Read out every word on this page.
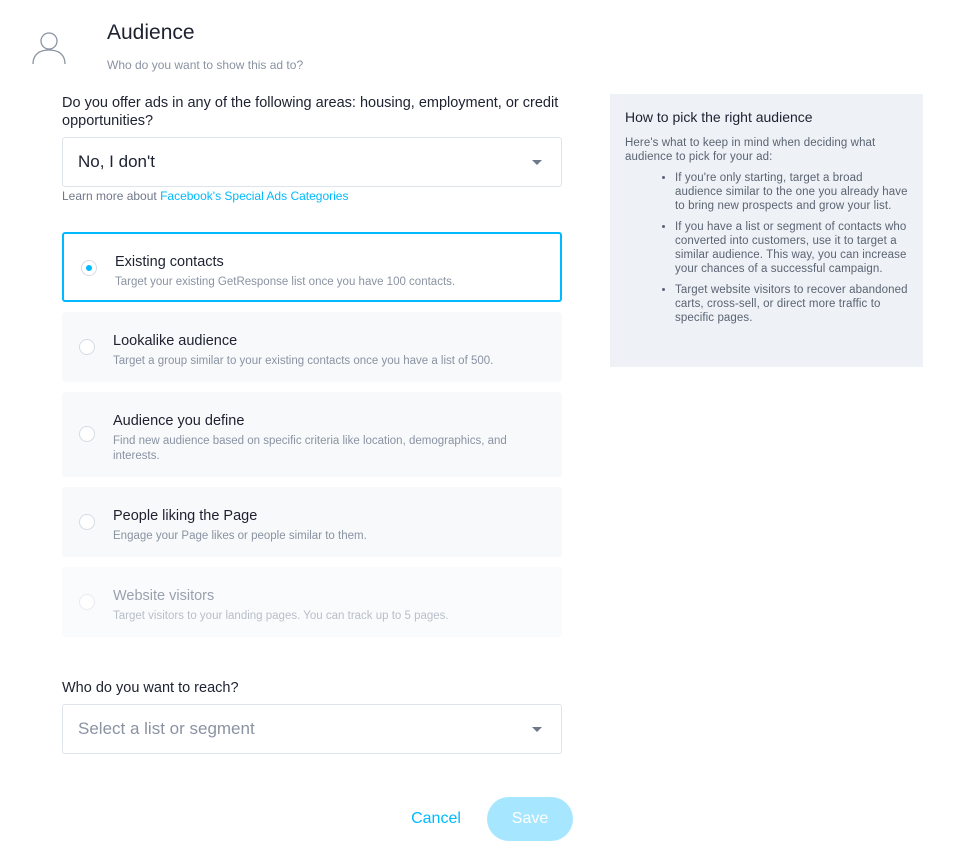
Audience
Who do you want to show this ad to?
Do you offer ads in any of the following areas: housing, employment, or credit opportunities?
No, I don't
Learn more about Facebook's Special Ads Categories
Existing contacts
Target your existing GetResponse list once you have 100 contacts.
Lookalike audience
Target a group similar to your existing contacts once you have a list of 500.
Audience you define
Find new audience based on specific criteria like location, demographics, and interests.
People liking the Page
Engage your Page likes or people similar to them.
Website visitors
Target visitors to your landing pages. You can track up to 5 pages.
Who do you want to reach?
Select a list or segment
Cancel	Save
How to pick the right audience
Here's what to keep in mind when deciding what audience to pick for your ad:
• If you're only starting, target a broad audience similar to the one you already have to bring new prospects and grow your list.
• If you have a list or segment of contacts who converted into customers, use it to target a similar audience. This way, you can increase your chances of a successful campaign.
• Target website visitors to recover abandoned carts, cross-sell, or direct more traffic to specific pages.
